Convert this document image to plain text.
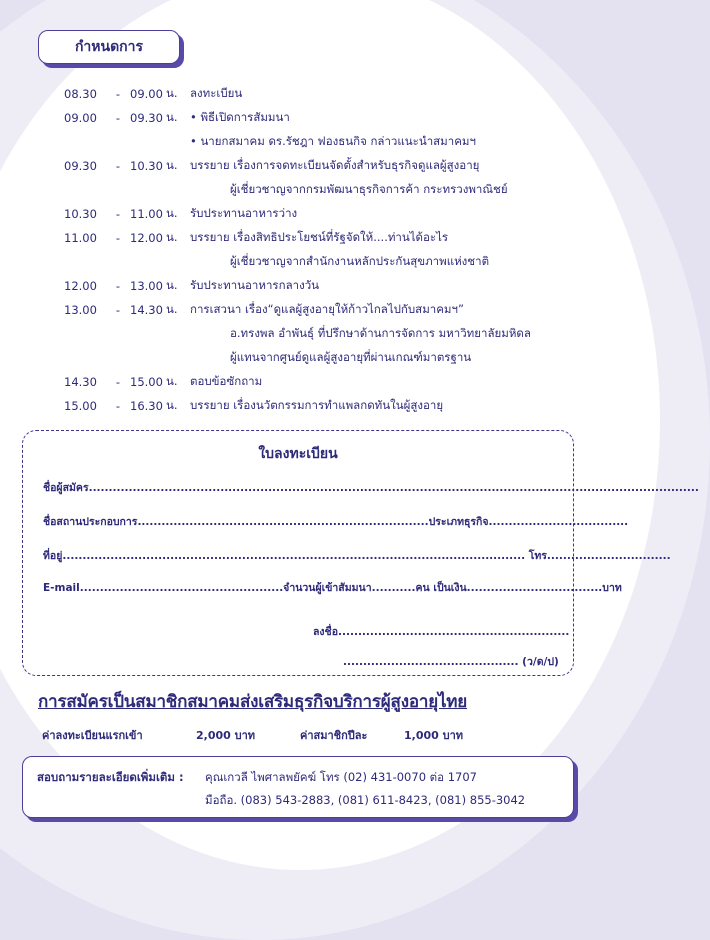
กำหนดการ
08.30	- 09.00 น.	ลงทะเบียน
09.00	- 09.30 น.	• พิธีเปิดการสัมมนา
• นายกสมาคม ดร.รัชฎา ฟองธนกิจ กล่าวแนะนำสมาคมฯ
09.30	- 10.30 น.	บรรยาย เรื่องการจดทะเบียนจัดตั้งสำหรับธุรกิจดูแลผู้สูงอายุ
ผู้เชี่ยวชาญจากกรมพัฒนาธุรกิจการค้า กระทรวงพาณิชย์
10.30	- 11.00 น.	รับประทานอาหารว่าง
11.00	- 12.00 น.	บรรยาย เรื่องสิทธิประโยชน์ที่รัฐจัดให้....ท่านได้อะไร
ผู้เชี่ยวชาญจากสำนักงานหลักประกันสุขภาพแห่งชาติ
12.00	- 13.00 น.	รับประทานอาหารกลางวัน
13.00	- 14.30 น.	การเสวนา เรื่อง“ดูแลผู้สูงอายุให้ก้าวไกลไปกับสมาคมฯ”
อ.ทรงพล อำพันธุ์ ที่ปรึกษาด้านการจัดการ มหาวิทยาลัยมหิดล
ผู้แทนจากศูนย์ดูแลผู้สูงอายุที่ผ่านเกณฑ์มาตรฐาน
14.30	- 15.00 น.	ตอบข้อซักถาม
15.00	- 16.30 น.	บรรยาย เรื่องนวัตกรรมการทำแพลกดทันในผู้สูงอายุ
ใบลงทะเบียน
ชื่อผู้สมัคร.........................................................................................................................................................
ชื่อสถานประกอบการ.........................................................................ประเภทธุรกิจ...................................
ที่อยู่.................................................................................................................... โทร...............................
E-mail...................................................จำนวนผู้เข้าสัมมนา...........คน เป็นเงิน..................................บาท
ลงชื่อ..........................................................
............................................ (ว/ด/ป)
การสมัครเป็นสมาชิกสมาคมส่งเสริมธุรกิจบริการผู้สูงอายุไทย
ค่าลงทะเบียนแรกเข้า	2,000 บาท	ค่าสมาชิกปีละ	1,000 บาท
สอบถามรายละเอียดเพิ่มเติม : คุณเกวลี ไพศาลพยัคฆ์ โทร (02) 431-0070 ต่อ 1707
มือถือ. (083) 543-2883, (081) 611-8423, (081) 855-3042
